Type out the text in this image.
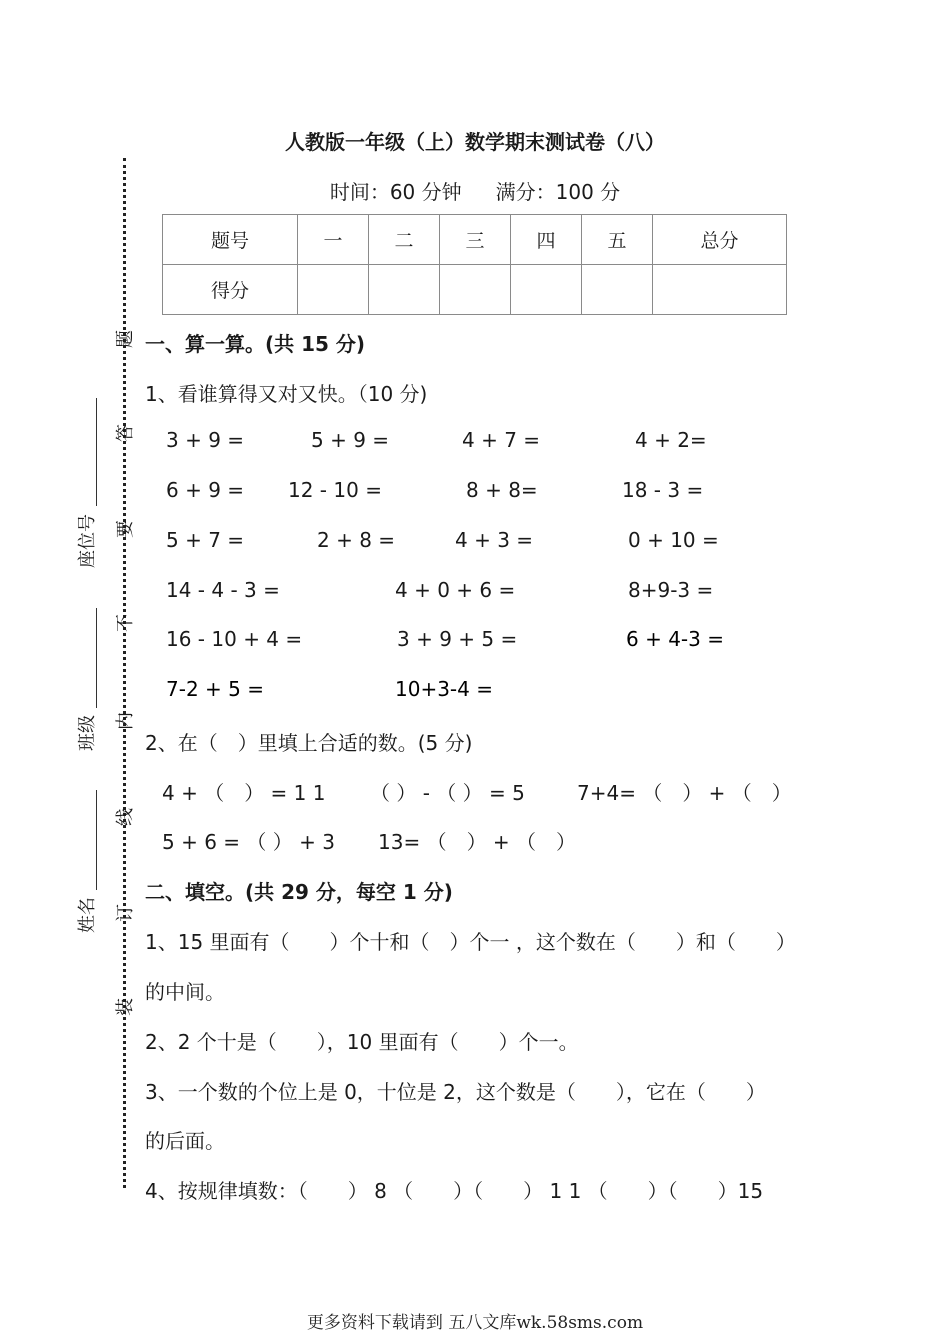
题
答
要
不
内
线
订
装
座位号
班级
姓名
人教版一年级（上）数学期末测试卷（八）
时间：60 分钟 满分：100 分
题号	一	二	三	四	五	总分
得分						
一、算一算。(共 15 分)
1、看谁算得又对又快。（10 分)
3 + 9 =	5 + 9 =	4 + 7 =	4 + 2=
6 + 9 = 12 - 10 =	8 + 8=	18 - 3 =
5 + 7 =	2 + 8 =	4 + 3 =	0 + 10 =
14 - 4 - 3 =	4 + 0 + 6 =	8+9-3 =
16 - 10 + 4 =	3 + 9 + 5 =	6 + 4-3 =
7-2 + 5 =	10+3-4 =
2、在（　）里填上合适的数。(5 分)
4 + （　） = 1 1 （ ） - （ ） = 5	7+4= （　） + （　）
5 + 6 = （ ） + 3 13= （　） + （　）
二、填空。(共 29 分，每空 1 分)
1、15 里面有（　　）个十和（　）个一 ，这个数在（　　）和（　　）
的中间。
2、2 个十是（　　），10 里面有（　　）个一。
3、一个数的个位上是 0，十位是 2，这个数是（　　），它在（　　）
的后面。
4、按规律填数：（　　） 8 （　　）（　　） 1 1 （　　）（　　）15
更多资料下载请到 五八文库wk.58sms.com
